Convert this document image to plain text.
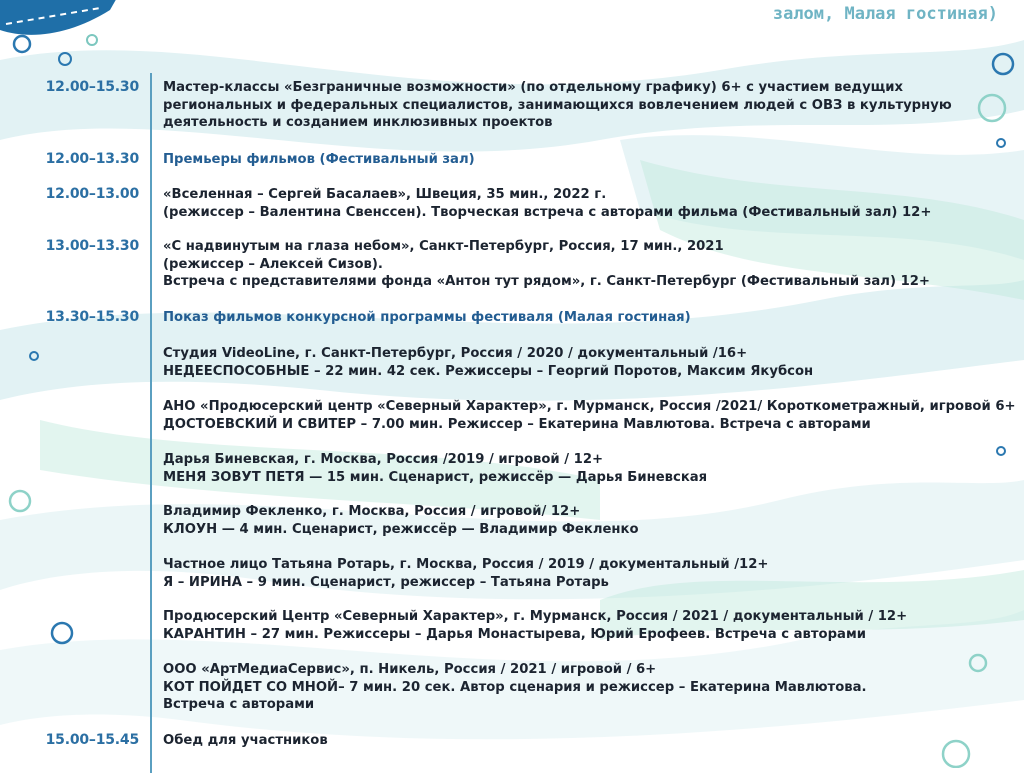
залом, Малая гостиная)

12.00–15.30 Мастер-классы «Безграничные возможности» (по отдельному графику) 6+ с участием ведущих
региональных и федеральных специалистов, занимающихся вовлечением людей с ОВЗ в культурную
деятельность и созданием инклюзивных проектов
12.00–13.30 Премьеры фильмов (Фестивальный зал)
12.00–13.00 «Вселенная – Сергей Басалаев», Швеция, 35 мин., 2022 г.
(режиссер – Валентина Свенссен). Творческая встреча с авторами фильма (Фестивальный зал) 12+
13.00–13.30 «С надвинутым на глаза небом», Санкт-Петербург, Россия, 17 мин., 2021
(режиссер – Алексей Сизов).
Встреча с представителями фонда «Антон тут рядом», г. Санкт-Петербург (Фестивальный зал) 12+
13.30–15.30 Показ фильмов конкурсной программы фестиваля (Малая гостиная)
Студия VideoLine, г. Санкт-Петербург, Россия / 2020 / документальный /16+
НЕДЕЕСПОСОБНЫЕ – 22 мин. 42 сек. Режиссеры – Георгий Поротов, Максим Якубсон
АНО «Продюсерский центр «Северный Характер», г. Мурманск, Россия /2021/ Короткометражный, игровой 6+
ДОСТОЕВСКИЙ И СВИТЕР – 7.00 мин. Режиссер – Екатерина Мавлютова. Встреча с авторами
Дарья Биневская, г. Москва, Россия /2019 / игровой / 12+
МЕНЯ ЗОВУТ ПЕТЯ — 15 мин. Сценарист, режиссёр — Дарья Биневская
Владимир Фекленко, г. Москва, Россия / игровой/ 12+
КЛОУН — 4 мин. Сценарист, режиссёр — Владимир Фекленко
Частное лицо Татьяна Ротарь, г. Москва, Россия / 2019 / документальный /12+
Я – ИРИНА – 9 мин. Сценарист, режиссер – Татьяна Ротарь
Продюсерский Центр «Северный Характер», г. Мурманск, Россия / 2021 / документальный / 12+
КАРАНТИН – 27 мин. Режиссеры – Дарья Монастырева, Юрий Ерофеев. Встреча с авторами
ООО «АртМедиаСервис», п. Никель, Россия / 2021 / игровой / 6+
КОТ ПОЙДЕТ СО МНОЙ– 7 мин. 20 сек. Автор сценария и режиссер – Екатерина Мавлютова.
Встреча с авторами
15.00–15.45 Обед для участников
